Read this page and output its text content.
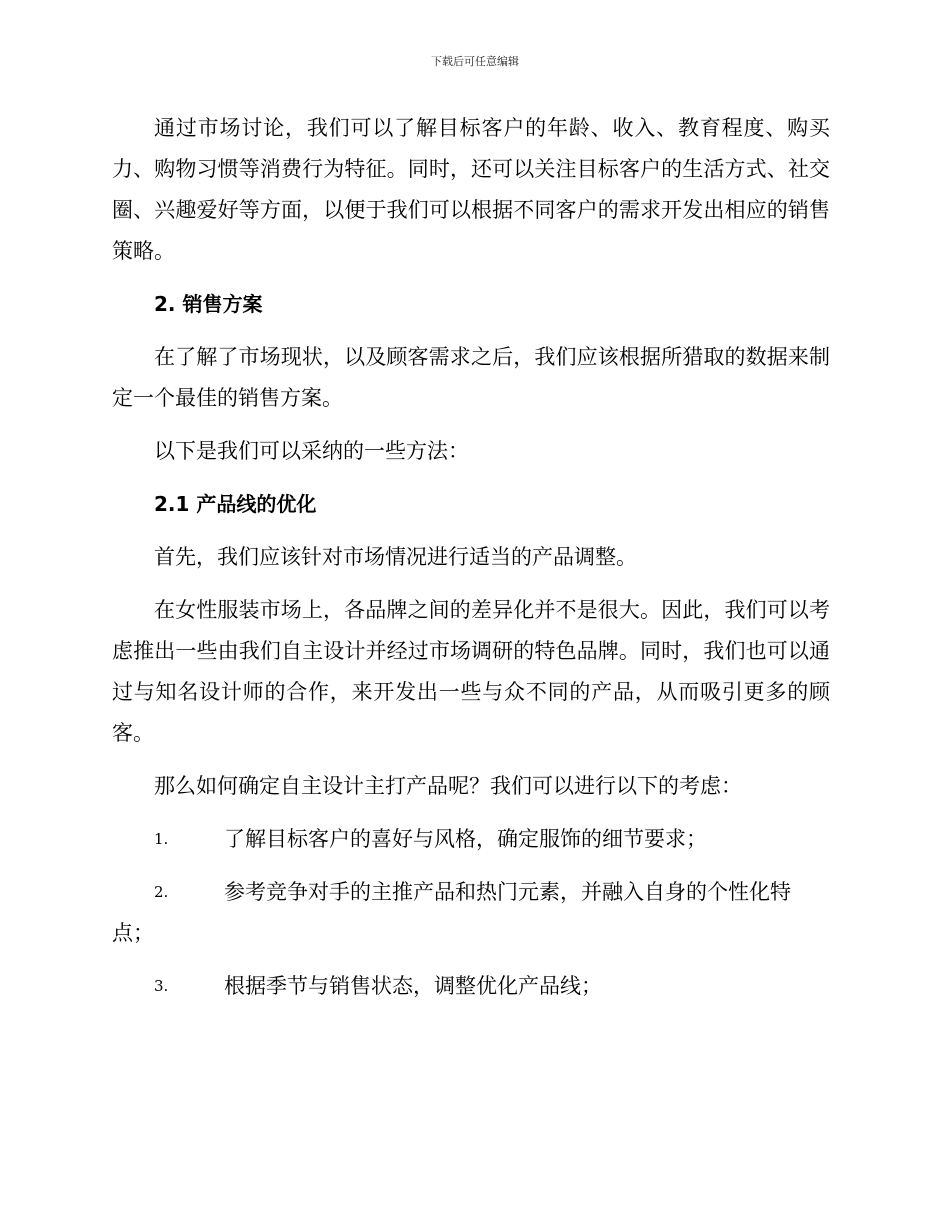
下载后可任意编辑

通过市场讨论，我们可以了解目标客户的年龄、收入、教育程度、购买力、购物习惯等消费行为特征。同时，还可以关注目标客户的生活方式、社交圈、兴趣爱好等方面，以便于我们可以根据不同客户的需求开发出相应的销售策略。

2. 销售方案

在了解了市场现状，以及顾客需求之后，我们应该根据所猎取的数据来制定一个最佳的销售方案。

以下是我们可以采纳的一些方法：

2.1 产品线的优化

首先，我们应该针对市场情况进行适当的产品调整。

在女性服装市场上，各品牌之间的差异化并不是很大。因此，我们可以考虑推出一些由我们自主设计并经过市场调研的特色品牌。同时，我们也可以通过与知名设计师的合作，来开发出一些与众不同的产品，从而吸引更多的顾客。

那么如何确定自主设计主打产品呢？我们可以进行以下的考虑：

1.	了解目标客户的喜好与风格，确定服饰的细节要求；

2.	参考竞争对手的主推产品和热门元素，并融入自身的个性化特点；

3.	根据季节与销售状态，调整优化产品线；
